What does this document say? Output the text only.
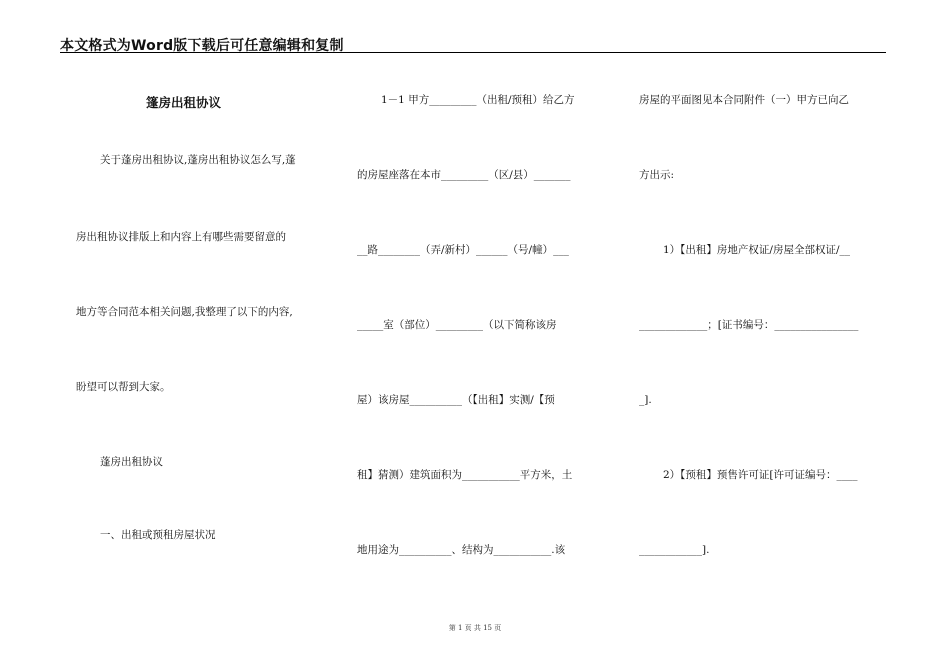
本文格式为Word版下载后可任意编辑和复制
篷房出租协议
关于蓬房出租协议,蓬房出租协议怎么写,蓬
房出租协议排版上和内容上有哪些需要留意的
地方等合同范本相关问题,我整理了以下的内容,
盼望可以帮到大家。
蓬房出租协议
一、出租或预租房屋状况
1－1 甲方_________（出租/预租）给乙方
的房屋座落在本市_________（区/县）_______
__路________（弄/新村）______（号/幢）___
_____室（部位）_________（以下简称该房
屋）该房屋__________（【出租】实测/【预
租】猜测）建筑面积为___________平方米，土
地用途为__________、结构为___________.该
房屋的平面图见本合同附件（一）甲方已向乙
方出示:
1）【出租】房地产权证/房屋全部权证/__
_____________；[证书编号：________________
_].
2）【预租】预售许可证[许可证编号：____
____________].
第 1 页 共 15 页
